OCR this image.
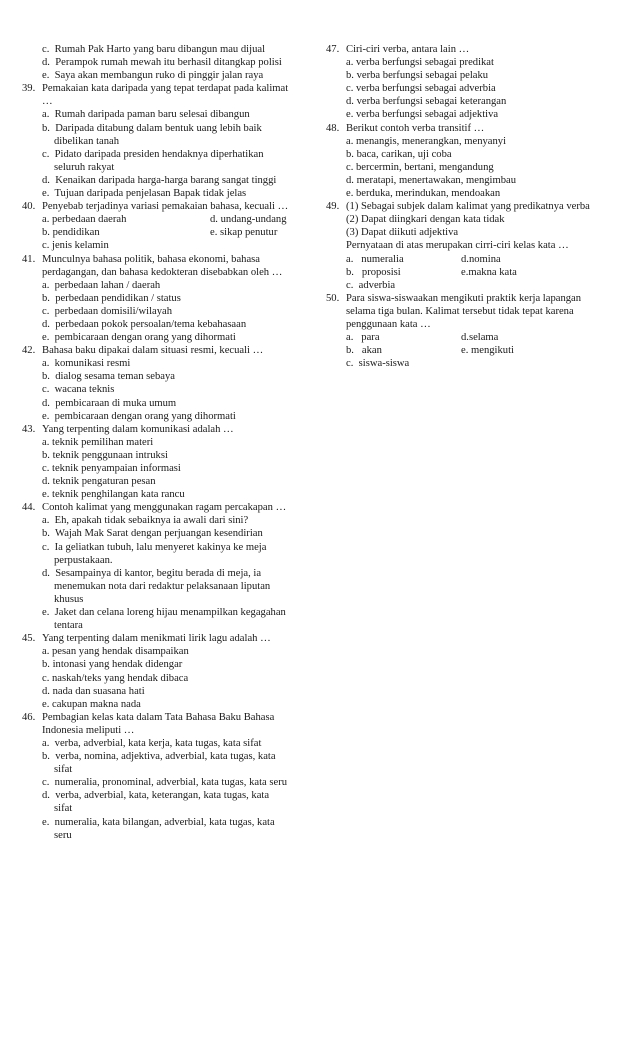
c.  Rumah Pak Harto yang baru dibangun mau dijual
d.  Perampok rumah mewah itu berhasil ditangkap polisi
e.  Saya akan membangun ruko di pinggir jalan raya
39. Pemakaian kata daripada yang tepat terdapat pada kalimat
…
a.  Rumah daripada paman baru selesai dibangun
b.  Daripada ditabung dalam bentuk uang lebih baik
dibelikan tanah
c.  Pidato daripada presiden hendaknya diperhatikan
seluruh rakyat
d.  Kenaikan daripada harga-harga barang sangat tinggi
e.  Tujuan daripada penjelasan Bapak tidak jelas
40. Penyebab terjadinya variasi pemakaian bahasa, kecuali …
a. perbedaan daerah	d. undang-undang
b. pendidikan	e. sikap penutur
c. jenis kelamin
41. Munculnya bahasa politik, bahasa ekonomi, bahasa
perdagangan, dan bahasa kedokteran disebabkan oleh …
a.  perbedaan lahan / daerah
b.  perbedaan pendidikan / status
c.  perbedaan domisili/wilayah
d.  perbedaan pokok persoalan/tema kebahasaan
e.  pembicaraan dengan orang yang dihormati
42. Bahasa baku dipakai dalam situasi resmi, kecuali …
a.  komunikasi resmi
b.  dialog sesama teman sebaya
c.  wacana teknis
d.  pembicaraan di muka umum
e.  pembicaraan dengan orang yang dihormati
43. Yang terpenting dalam komunikasi adalah …
a. teknik pemilihan materi
b. teknik penggunaan intruksi
c. teknik penyampaian informasi
d. teknik pengaturan pesan
e. teknik penghilangan kata rancu
44. Contoh kalimat yang menggunakan ragam percakapan …
a.  Eh, apakah tidak sebaiknya ia awali dari sini?
b.  Wajah Mak Sarat dengan perjuangan kesendirian
c.  Ia geliatkan tubuh, lalu menyeret kakinya ke meja
perpustakaan.
d.  Sesampainya di kantor, begitu berada di meja, ia
menemukan nota dari redaktur pelaksanaan liputan
khusus
e.  Jaket dan celana loreng hijau menampilkan kegagahan
tentara
45. Yang terpenting dalam menikmati lirik lagu adalah …
a. pesan yang hendak disampaikan
b. intonasi yang hendak didengar
c. naskah/teks yang hendak dibaca
d. nada dan suasana hati
e. cakupan makna nada
46. Pembagian kelas kata dalam Tata Bahasa Baku Bahasa
Indonesia meliputi …
a.  verba, adverbial, kata kerja, kata tugas, kata sifat
b.  verba, nomina, adjektiva, adverbial, kata tugas, kata
sifat
c.  numeralia, pronominal, adverbial, kata tugas, kata seru
d.  verba, adverbial, kata, keterangan, kata tugas, kata
sifat
e.  numeralia, kata bilangan, adverbial, kata tugas, kata
seru
47. Ciri-ciri verba, antara lain …
a. verba berfungsi sebagai predikat
b. verba berfungsi sebagai pelaku
c. verba berfungsi sebagai adverbia
d. verba berfungsi sebagai keterangan
e. verba berfungsi sebagai adjektiva
48. Berikut contoh verba transitif …
a. menangis, menerangkan, menyanyi
b. baca, carikan, uji coba
c. bercermin, bertani, mengandung
d. meratapi, menertawakan, mengimbau
e. berduka, merindukan, mendoakan
49. (1) Sebagai subjek dalam kalimat yang predikatnya verba
(2) Dapat diingkari dengan kata tidak
(3) Dapat diikuti adjektiva
Pernyataan di atas merupakan cirri-ciri kelas kata …
a.   numeralia	d.nomina
b.   proposisi	e.makna kata
c.  adverbia
50. Para siswa-siswaakan mengikuti praktik kerja lapangan
selama tiga bulan. Kalimat tersebut tidak tepat karena
penggunaan kata …
a.   para	d.selama
b.   akan	e. mengikuti
c.  siswa-siswa
